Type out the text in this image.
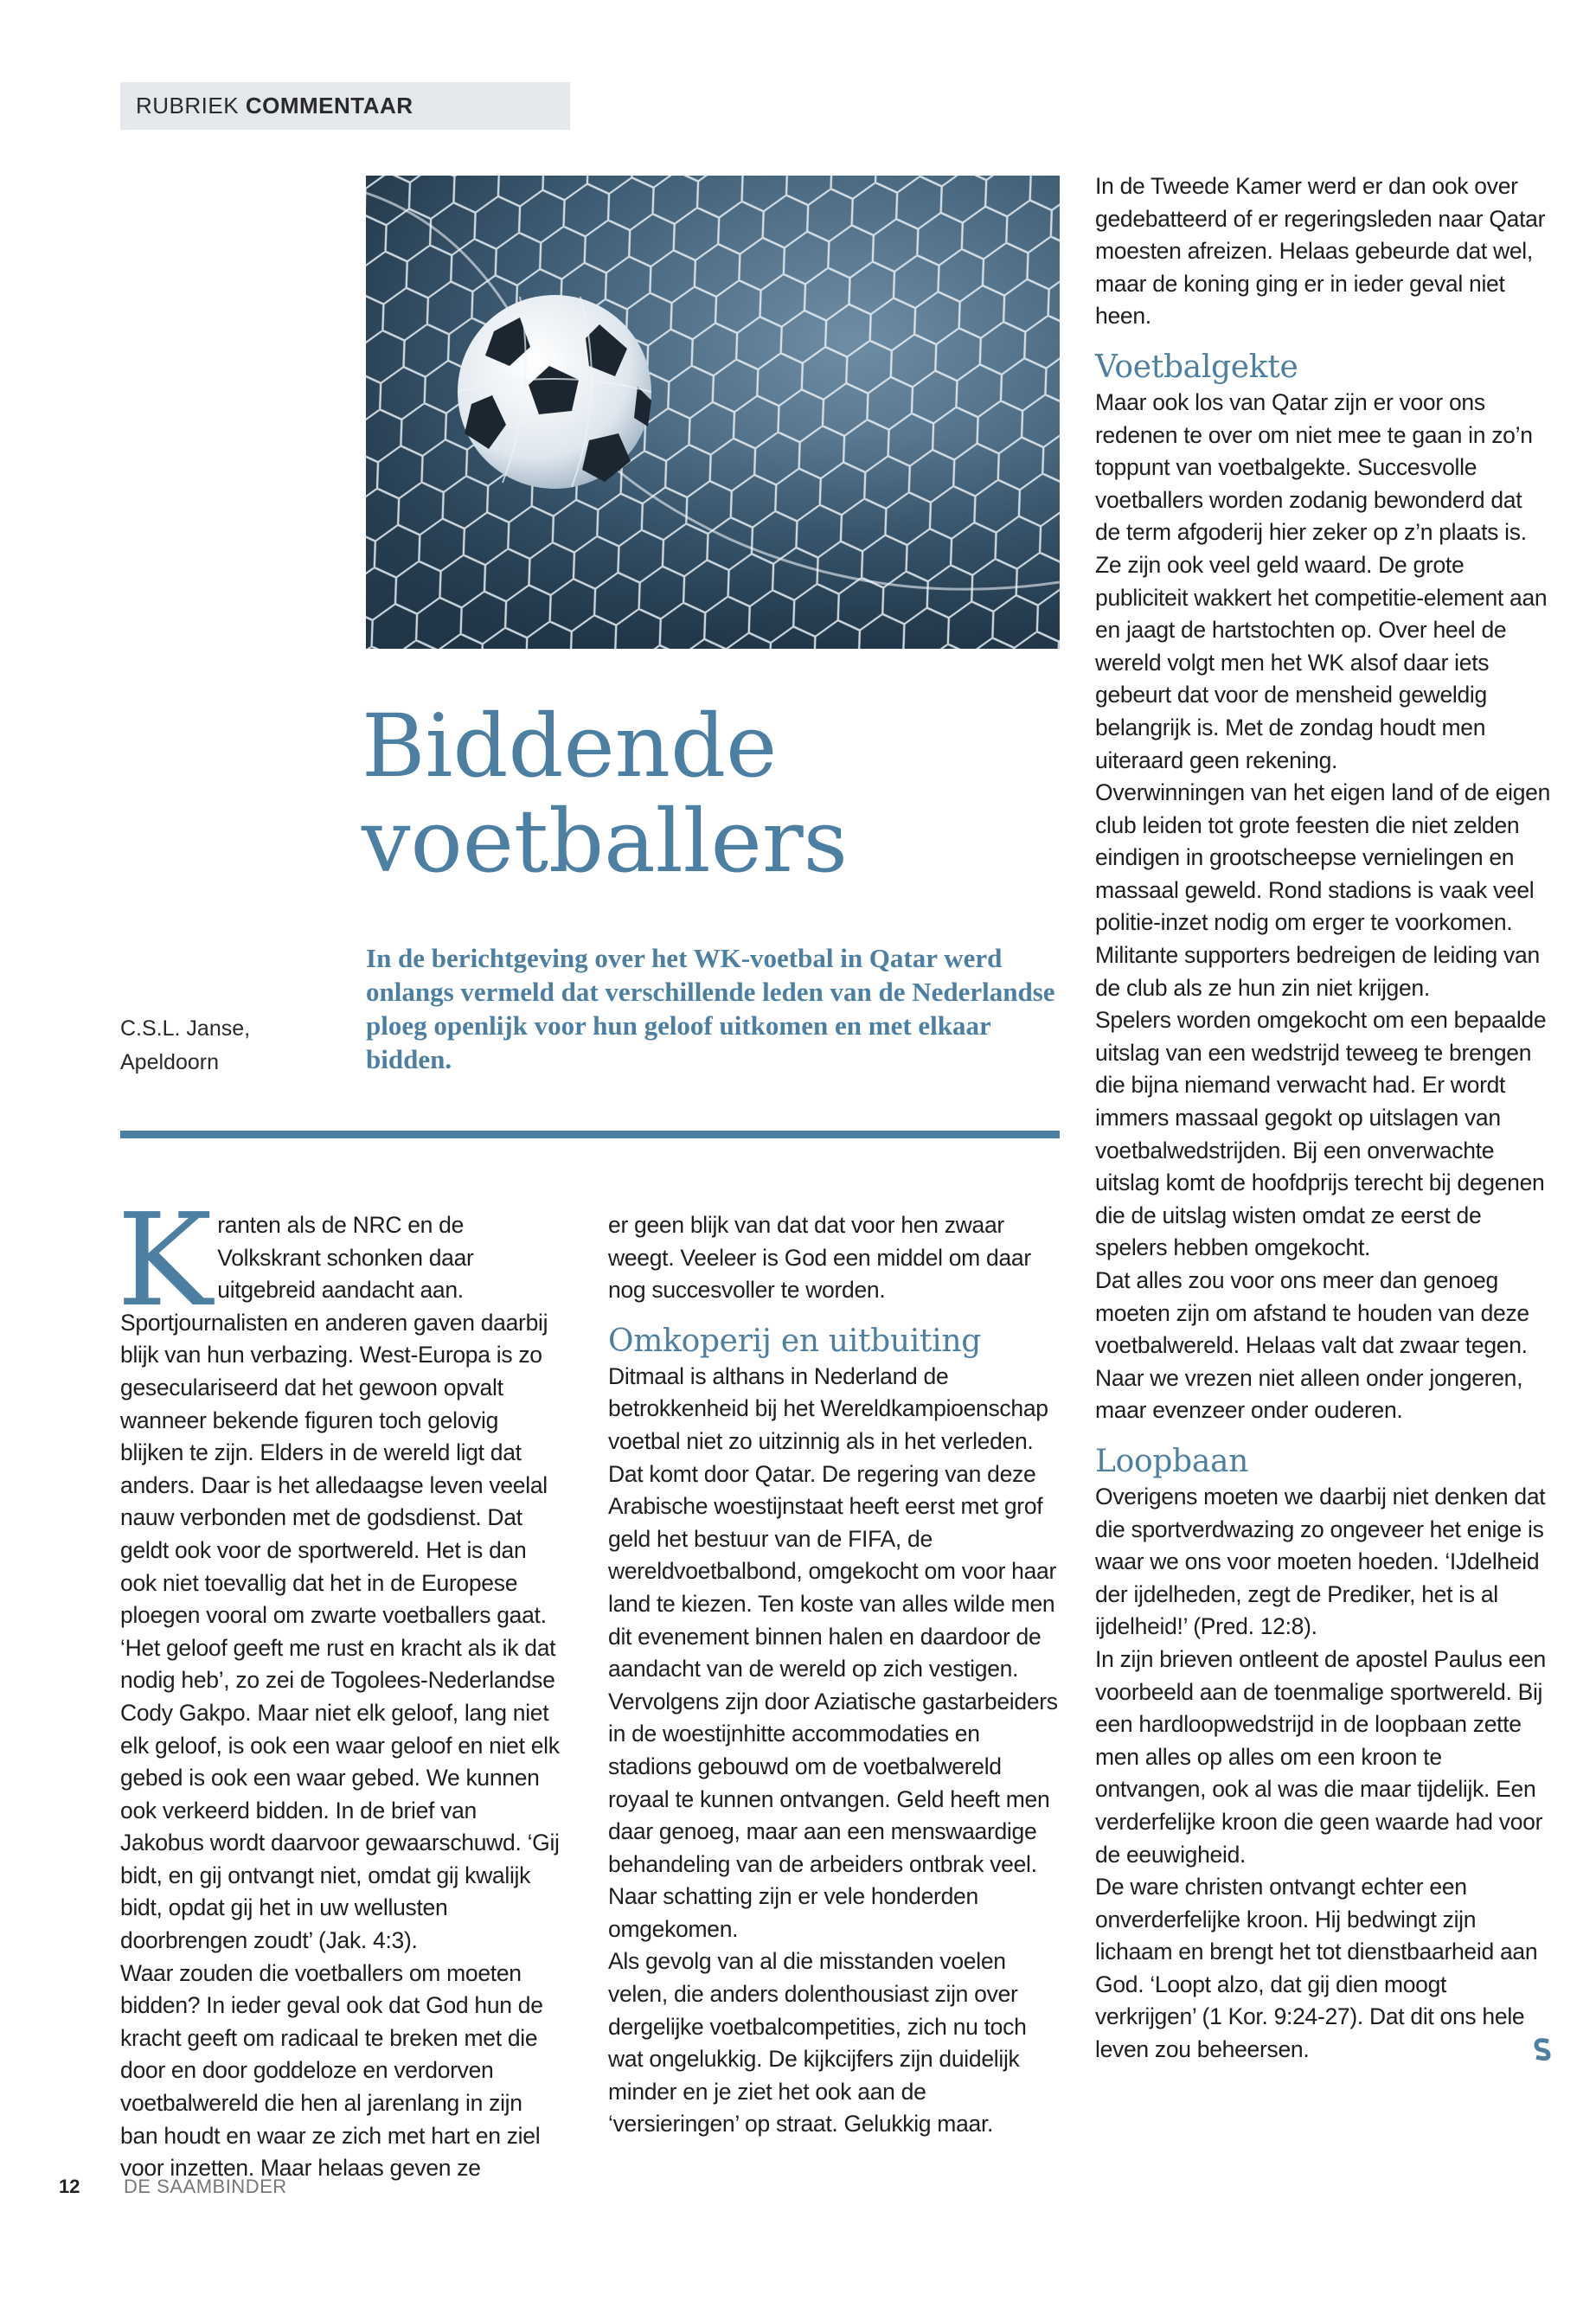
RUBRIEK COMMENTAAR
Biddende
voetballers
In de berichtgeving over het WK-voetbal in Qatar werd onlangs vermeld dat verschillende leden van de Nederlandse ploeg openlijk voor hun geloof uitkomen en met elkaar bidden.
C.S.L. Janse,
Apeldoorn

Kranten als de NRC en de Volkskrant schonken daar uitgebreid aandacht aan. Sportjournalisten en anderen gaven daarbij blijk van hun verbazing. West-Europa is zo geseculariseerd dat het gewoon opvalt wanneer bekende figuren toch gelovig blijken te zijn. Elders in de wereld ligt dat anders. Daar is het alledaagse leven veelal nauw verbonden met de godsdienst. Dat geldt ook voor de sportwereld. Het is dan ook niet toevallig dat het in de Europese ploegen vooral om zwarte voetballers gaat. ‘Het geloof geeft me rust en kracht als ik dat nodig heb’, zo zei de Togolees-Nederlandse Cody Gakpo. Maar niet elk geloof, lang niet elk geloof, is ook een waar geloof en niet elk gebed is ook een waar gebed. We kunnen ook verkeerd bidden. In de brief van Jakobus wordt daarvoor gewaarschuwd. ‘Gij bidt, en gij ontvangt niet, omdat gij kwalijk bidt, opdat gij het in uw wellusten doorbrengen zoudt’ (Jak. 4:3).

Waar zouden die voetballers om moeten bidden? In ieder geval ook dat God hun de kracht geeft om radicaal te breken met die door en door goddeloze en verdorven voetbalwereld die hen al jarenlang in zijn ban houdt en waar ze zich met hart en ziel voor inzetten. Maar helaas geven ze

er geen blijk van dat dat voor hen zwaar weegt. Veeleer is God een middel om daar nog succesvoller te worden.

Omkoperij en uitbuiting

Ditmaal is althans in Nederland de betrokkenheid bij het Wereldkampioenschap voetbal niet zo uitzinnig als in het verleden. Dat komt door Qatar. De regering van deze Arabische woestijnstaat heeft eerst met grof geld het bestuur van de FIFA, de wereldvoetbalbond, omgekocht om voor haar land te kiezen. Ten koste van alles wilde men dit evenement binnen halen en daardoor de aandacht van de wereld op zich vestigen.

Vervolgens zijn door Aziatische gastarbeiders in de woestijnhitte accommodaties en stadions gebouwd om de voetbalwereld royaal te kunnen ontvangen. Geld heeft men daar genoeg, maar aan een menswaardige behandeling van de arbeiders ontbrak veel. Naar schatting zijn er vele honderden omgekomen.

Als gevolg van al die misstanden voelen velen, die anders dolenthousiast zijn over dergelijke voetbalcompetities, zich nu toch wat ongelukkig. De kijkcijfers zijn duidelijk minder en je ziet het ook aan de ‘versieringen’ op straat. Gelukkig maar.

In de Tweede Kamer werd er dan ook over gedebatteerd of er regeringsleden naar Qatar moesten afreizen. Helaas gebeurde dat wel, maar de koning ging er in ieder geval niet heen.

Voetbalgekte

Maar ook los van Qatar zijn er voor ons redenen te over om niet mee te gaan in zo’n toppunt van voetbalgekte. Succesvolle voetballers worden zodanig bewonderd dat de term afgoderij hier zeker op z’n plaats is. Ze zijn ook veel geld waard. De grote publiciteit wakkert het competitie-element aan en jaagt de hartstochten op. Over heel de wereld volgt men het WK alsof daar iets gebeurt dat voor de mensheid geweldig belangrijk is. Met de zondag houdt men uiteraard geen rekening.

Overwinningen van het eigen land of de eigen club leiden tot grote feesten die niet zelden eindigen in grootscheepse vernielingen en massaal geweld. Rond stadions is vaak veel politie-inzet nodig om erger te voorkomen. Militante supporters bedreigen de leiding van de club als ze hun zin niet krijgen.

Spelers worden omgekocht om een bepaalde uitslag van een wedstrijd teweeg te brengen die bijna niemand verwacht had. Er wordt immers massaal gegokt op uitslagen van voetbalwedstrijden. Bij een onverwachte uitslag komt de hoofdprijs terecht bij degenen die de uitslag wisten omdat ze eerst de spelers hebben omgekocht.

Dat alles zou voor ons meer dan genoeg moeten zijn om afstand te houden van deze voetbalwereld. Helaas valt dat zwaar tegen. Naar we vrezen niet alleen onder jongeren, maar evenzeer onder ouderen.

Loopbaan

Overigens moeten we daarbij niet denken dat die sportverdwazing zo ongeveer het enige is waar we ons voor moeten hoeden. ‘IJdelheid der ijdelheden, zegt de Prediker, het is al ijdelheid!’ (Pred. 12:8).

In zijn brieven ontleent de apostel Paulus een voorbeeld aan de toenmalige sportwereld. Bij een hardloopwedstrijd in de loopbaan zette men alles op alles om een kroon te ontvangen, ook al was die maar tijdelijk. Een verderfelijke kroon die geen waarde had voor de eeuwigheid.

De ware christen ontvangt echter een onverderfelijke kroon. Hij bedwingt zijn lichaam en brengt het tot dienstbaarheid aan God. ‘Loopt alzo, dat gij dien moogt verkrijgen’ (1 Kor. 9:24-27). Dat dit ons hele leven zou beheersen.

12 DE SAAMBINDER
